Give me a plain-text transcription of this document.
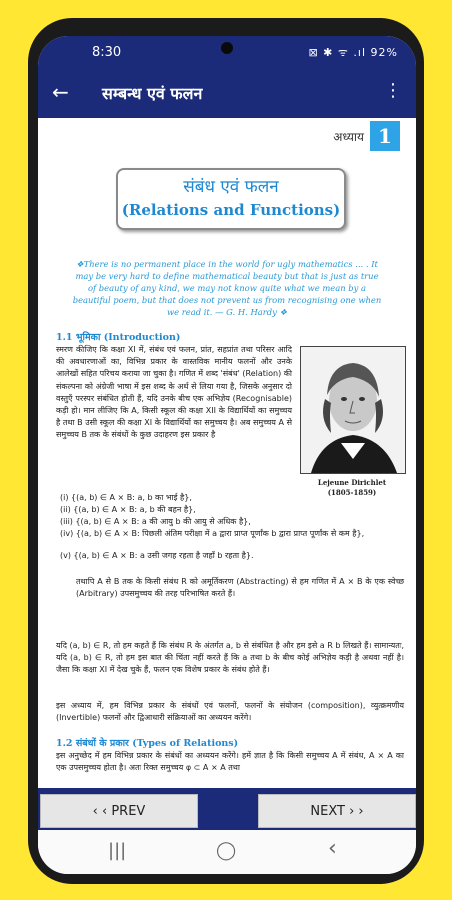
8:30	⊠ ✱ ᯤ .ıl 92%
← सम्बन्ध एवं फलन	⋮
अध्याय 1
संबंध एवं फलन
(Relations and Functions)
❖There is no permanent place in the world for ugly mathematics ... . It may be very hard to define mathematical beauty but that is just as true of beauty of any kind, we may not know quite what we mean by a beautiful poem, but that does not prevent us from recognising one when we read it. — G. H. Hardy ❖
1.1 भूमिका (Introduction)
स्मरण कीजिए कि कक्षा XI में, संबंध एवं फलन, प्रांत, सहप्रांत तथा परिसर आदि की अवधारणाओं का, विभिन्न प्रकार के वास्तविक मानीय फलनों और उनके आलेखों सहित परिचय कराया जा चुका है। गणित में शब्द 'संबंध' (Relation) की संकल्पना को अंग्रेजी भाषा में इस शब्द के अर्थ से लिया गया है, जिसके अनुसार दो वस्तुएँ परस्पर संबंधित होती हैं, यदि उनके बीच एक अभिज्ञेय (Recognisable) कड़ी हो। मान लीजिए कि A, किसी स्कूल की कक्षा XII के विद्यार्थियों का समुच्चय है तथा B उसी स्कूल की कक्षा XI के विद्यार्थियों का समुच्चय है। अब समुच्चय A से समुच्चय B तक के संबंधों के कुछ उदाहरण इस प्रकार है
Lejeune Dirichlet
(1805-1859)
(i) {(a, b) ∈ A × B: a, b का भाई है},
(ii) {(a, b) ∈ A × B: a, b की बहन है},
(iii) {(a, b) ∈ A × B: a की आयु b की आयु से अधिक है},
(iv) {(a, b) ∈ A × B: पिछली अंतिम परीक्षा में a द्वारा प्राप्त पूर्णांक b द्वारा प्राप्त पूर्णांक से कम है},
(v) {(a, b) ∈ A × B: a उसी जगह रहता है जहाँ b रहता है}.
तथापि A से B तक के किसी संबंध R को अमूर्तिकरण (Abstracting) से हम गणित में A × B के एक स्वेच्छ (Arbitrary) उपसमुच्चय की तरह परिभाषित करते हैं।
यदि (a, b) ∈ R, तो हम कहते हैं कि संबंध R के अंतर्गत a, b से संबंधित है और हम इसे a R b लिखते हैं। सामान्यतः, यदि (a, b) ∈ R, तो हम इस बात की चिंता नहीं करते हैं कि a तथा b के बीच कोई अभिज्ञेय कड़ी है अथवा नहीं है। जैसा कि कक्षा XI में देख चुके हैं, फलन एक विशेष प्रकार के संबंध होते हैं।
इस अध्याय में, हम विभिन्न प्रकार के संबंधों एवं फलनों, फलनों के संयोजन (composition), व्युत्क्रमणीय (Invertible) फलनों और द्विआधारी संक्रियाओं का अध्ययन करेंगे।
1.2 संबंधों के प्रकार (Types of Relations)
इस अनुच्छेद में हम विभिन्न प्रकार के संबंधों का अध्ययन करेंगे। हमें ज्ञात है कि किसी समुच्चय A में संबंध, A × A का एक उपसमुच्चय होता है। अतः रिक्त समुच्चय φ ⊂ A × A तथा
‹ ‹ PREV	NEXT › ›
|||	◯	‹
